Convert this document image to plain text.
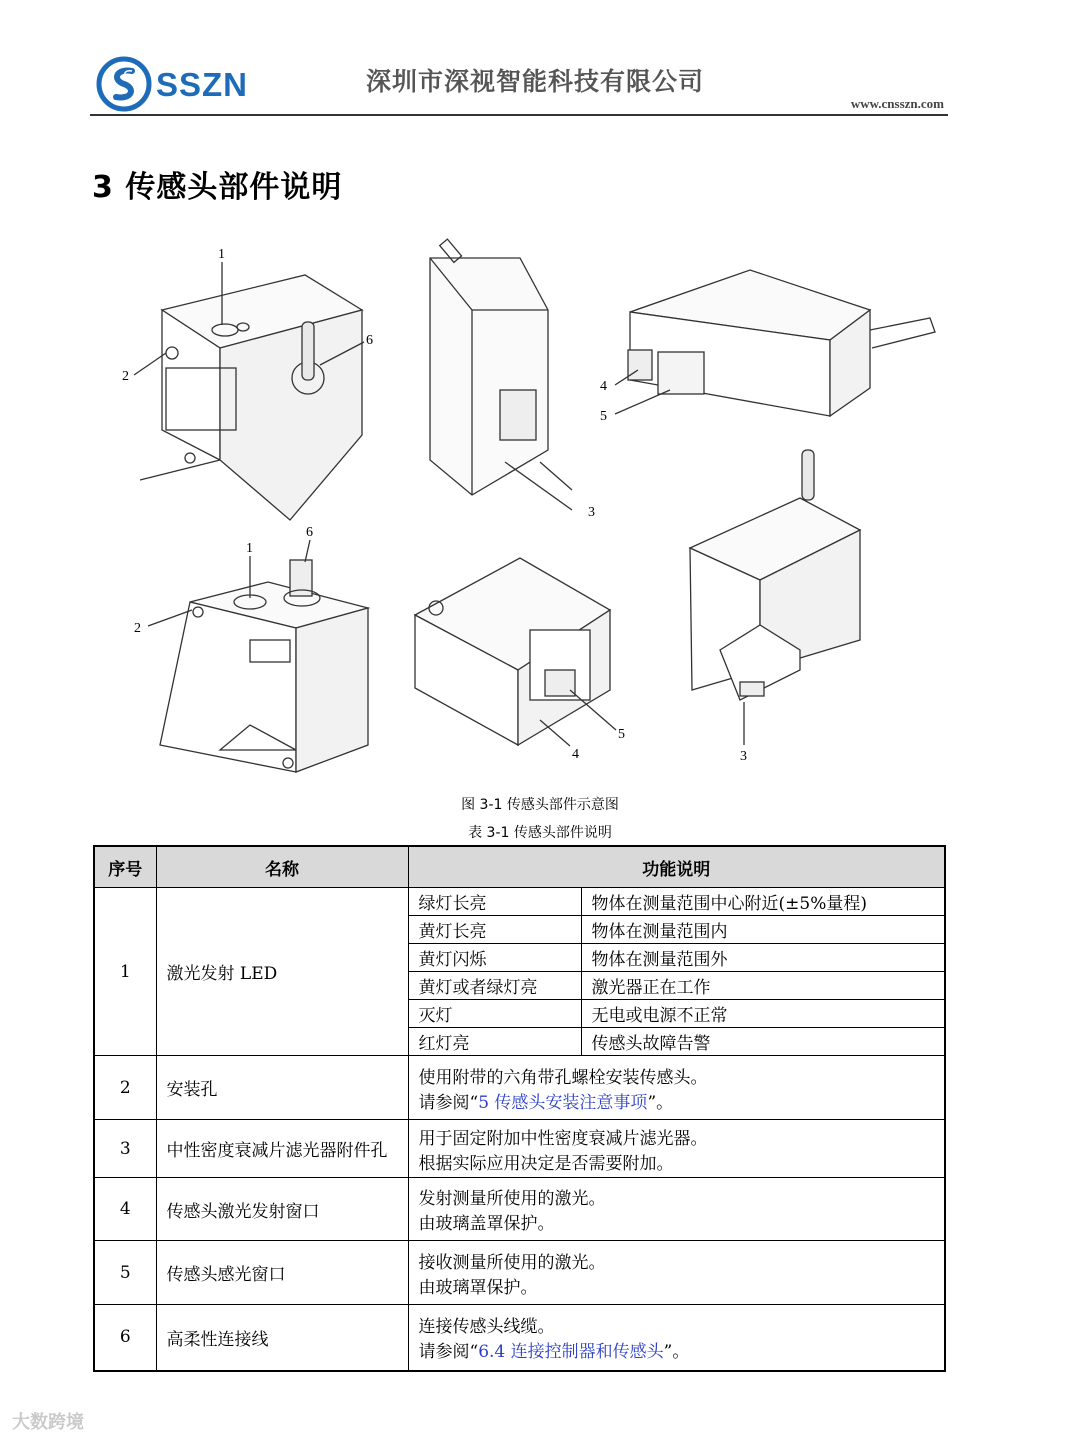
SSZN	深圳市深视智能科技有限公司
www.cnsszn.com
3 传感头部件说明
1
2
6
3
4
5
1
6
2
5
4	3
图 3-1 传感头部件示意图
表 3-1 传感头部件说明
序号	名称	功能说明	
1	激光发射 LED	绿灯长亮	物体在测量范围中心附近(±5%量程)
		黄灯长亮	物体在测量范围内
		黄灯闪烁	物体在测量范围外
		黄灯或者绿灯亮	激光器正在工作
		灭灯	无电或电源不正常
		红灯亮	传感头故障告警
2	安装孔	使用附带的六角带孔螺栓安装传感头。
请参阅“5 传感头安装注意事项”。	

3	中性密度衰减片滤光器附件孔	用于固定附加中性密度衰减片滤光器。
根据实际应用决定是否需要附加。	

4	传感头激光发射窗口	发射测量所使用的激光。
由玻璃盖罩保护。	

5	传感头感光窗口	接收测量所使用的激光。
由玻璃罩保护。	

6	高柔性连接线	连接传感头线缆。
请参阅“6.4 连接控制器和传感头”。	
大数跨境
